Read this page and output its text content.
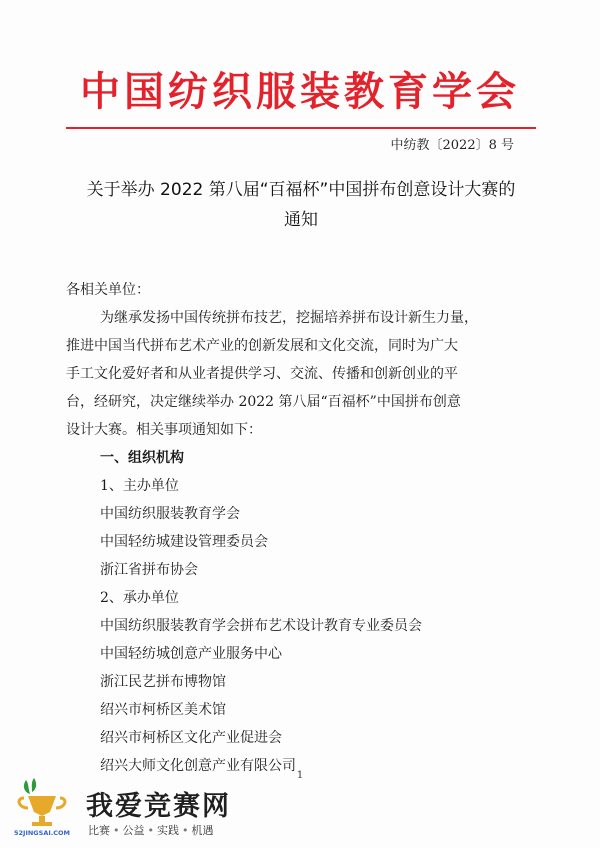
中国纺织服装教育学会
中纺教〔2022〕8 号
关于举办 2022 第八届“百福杯”中国拼布创意设计大赛的
通知
各相关单位：
为继承发扬中国传统拼布技艺，挖掘培养拼布设计新生力量，
推进中国当代拼布艺术产业的创新发展和文化交流，同时为广大
手工文化爱好者和从业者提供学习、交流、传播和创新创业的平
台，经研究，决定继续举办 2022 第八届“百福杯”中国拼布创意
设计大赛。相关事项通知如下：
一、组织机构
1、主办单位
中国纺织服装教育学会
中国轻纺城建设管理委员会
浙江省拼布协会
2、承办单位
中国纺织服装教育学会拼布艺术设计教育专业委员会
中国轻纺城创意产业服务中心
浙江民艺拼布博物馆
绍兴市柯桥区美术馆
绍兴市柯桥区文化产业促进会
绍兴大师文化创意产业有限公司
1
52JINGSAI.COM
我爱竞赛网
比赛 • 公益 • 实践 • 机遇
